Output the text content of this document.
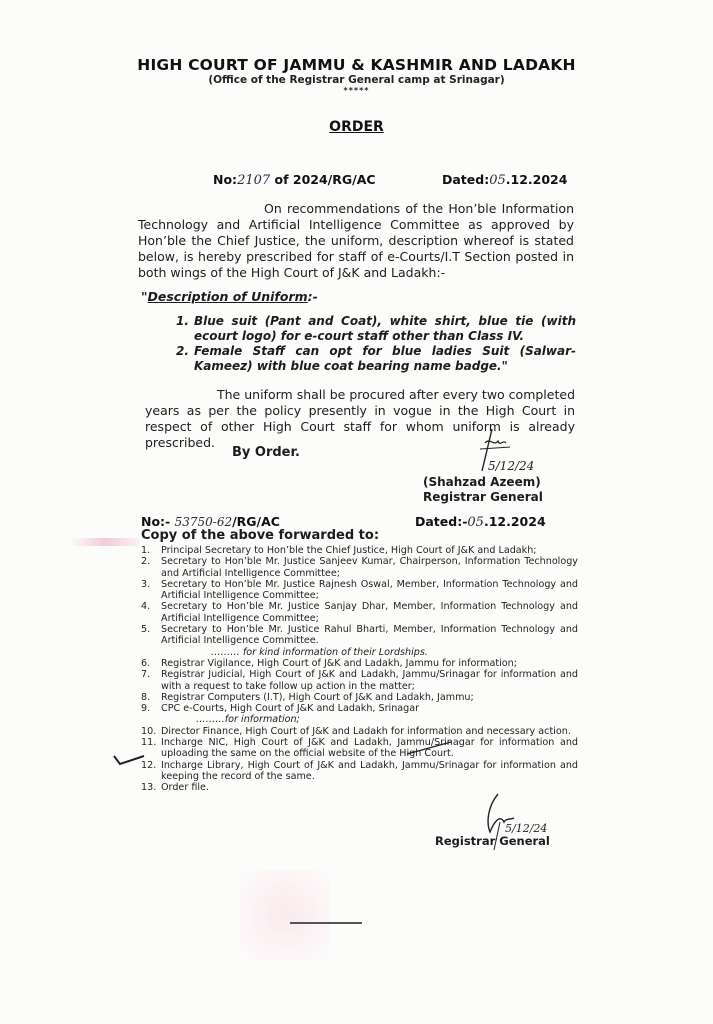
HIGH COURT OF JAMMU & KASHMIR AND LADAKH
(Office of the Registrar General camp at Srinagar)
*****
ORDER
No:2107 of 2024/RG/AC	Dated:05.12.2024
On recommendations of the Hon’ble Information Technology and Artificial Intelligence Committee as approved by Hon’ble the Chief Justice, the uniform, description whereof is stated below, is hereby prescribed for staff of e-Courts/I.T Section posted in both wings of the High Court of J&K and Ladakh:-
"Description of Uniform:-
1. Blue suit (Pant and Coat), white shirt, blue tie (with ecourt logo) for e-court staff other than Class IV.
2. Female Staff can opt for blue ladies Suit (Salwar-Kameez) with blue coat bearing name badge."
The uniform shall be procured after every two completed years as per the policy presently in vogue in the High Court in respect of other High Court staff for whom uniform is already prescribed.
By Order.
5/12/24
(Shahzad Azeem)
Registrar General
No:- 53750-62/RG/AC	Dated:-05.12.2024
Copy of the above forwarded to:
1.	Principal Secretary to Hon’ble the Chief Justice, High Court of J&K and Ladakh;
2.	Secretary to Hon’ble Mr. Justice Sanjeev Kumar, Chairperson, Information Technology and Artificial Intelligence Committee;
3.	Secretary to Hon’ble Mr. Justice Rajnesh Oswal, Member, Information Technology and Artificial Intelligence Committee;
4.	Secretary to Hon’ble Mr. Justice Sanjay Dhar, Member, Information Technology and Artificial Intelligence Committee;
5.	Secretary to Hon’ble Mr. Justice Rahul Bharti, Member, Information Technology and Artificial Intelligence Committee.
……… for kind information of their Lordships.
6.	Registrar Vigilance, High Court of J&K and Ladakh, Jammu for information;
7.	Registrar Judicial, High Court of J&K and Ladakh, Jammu/Srinagar for information and with a request to take follow up action in the matter;
8.	Registrar Computers (I.T), High Court of J&K and Ladakh, Jammu;
9.	CPC e-Courts, High Court of J&K and Ladakh, Srinagar
………for information;
10. Director Finance, High Court of J&K and Ladakh for information and necessary action.
11. Incharge NIC, High Court of J&K and Ladakh, Jammu/Srinagar for information and uploading the same on the official website of the High Court.
12. Incharge Library, High Court of J&K and Ladakh, Jammu/Srinagar for information and keeping the record of the same.
13. Order file.
5/12/24
Registrar General
